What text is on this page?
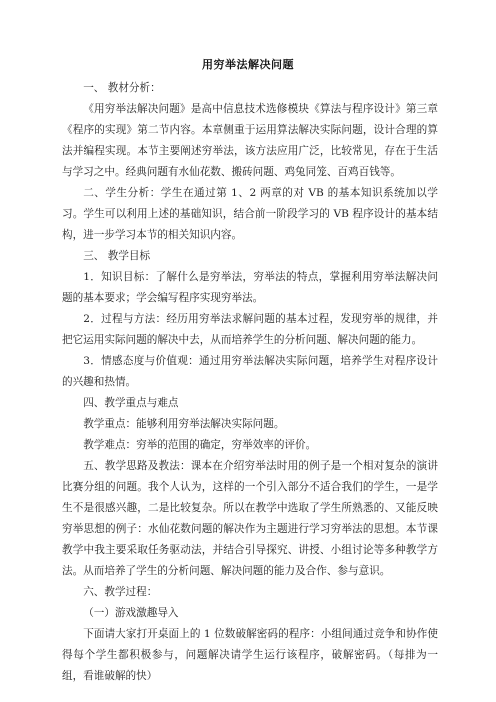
用穷举法解决问题

一、 教材分析：

《用穷举法解决问题》是高中信息技术选修模块《算法与程序设计》第三章《程序的实现》第二节内容。本章侧重于运用算法解决实际问题，设计合理的算法并编程实现。本节主要阐述穷举法，该方法应用广泛，比较常见，存在于生活与学习之中。经典问题有水仙花数、搬砖问题、鸡兔同笼、百鸡百钱等。

二、学生分析：学生在通过第 1、2 两章的对 VB 的基本知识系统加以学习。学生可以利用上述的基础知识，结合前一阶段学习的 VB 程序设计的基本结构，进一步学习本节的相关知识内容。

三、 教学目标

1．知识目标：了解什么是穷举法，穷举法的特点，掌握利用穷举法解决问题的基本要求；学会编写程序实现穷举法。

2．过程与方法：经历用穷举法求解问题的基本过程，发现穷举的规律，并把它运用实际问题的解决中去，从而培养学生的分析问题、解决问题的能力。

3．情感态度与价值观：通过用穷举法解决实际问题，培养学生对程序设计的兴趣和热情。

四、教学重点与难点

教学重点：能够利用穷举法解决实际问题。

教学难点：穷举的范围的确定，穷举效率的评价。

五、教学思路及教法：课本在介绍穷举法时用的例子是一个相对复杂的演讲比赛分组的问题。我个人认为，这样的一个引入部分不适合我们的学生，一是学生不是很感兴趣，二是比较复杂。所以在教学中选取了学生所熟悉的、又能反映穷举思想的例子：水仙花数问题的解决作为主题进行学习穷举法的思想。本节课教学中我主要采取任务驱动法，并结合引导探究、讲授、小组讨论等多种教学方法。从而培养了学生的分析问题、解决问题的能力及合作、参与意识。

六、教学过程：

（一）游戏激趣导入

下面请大家打开桌面上的 1 位数破解密码的程序：小组间通过竞争和协作使得每个学生都积极参与，问题解决请学生运行该程序，破解密码。（每排为一组，看谁破解的快）
